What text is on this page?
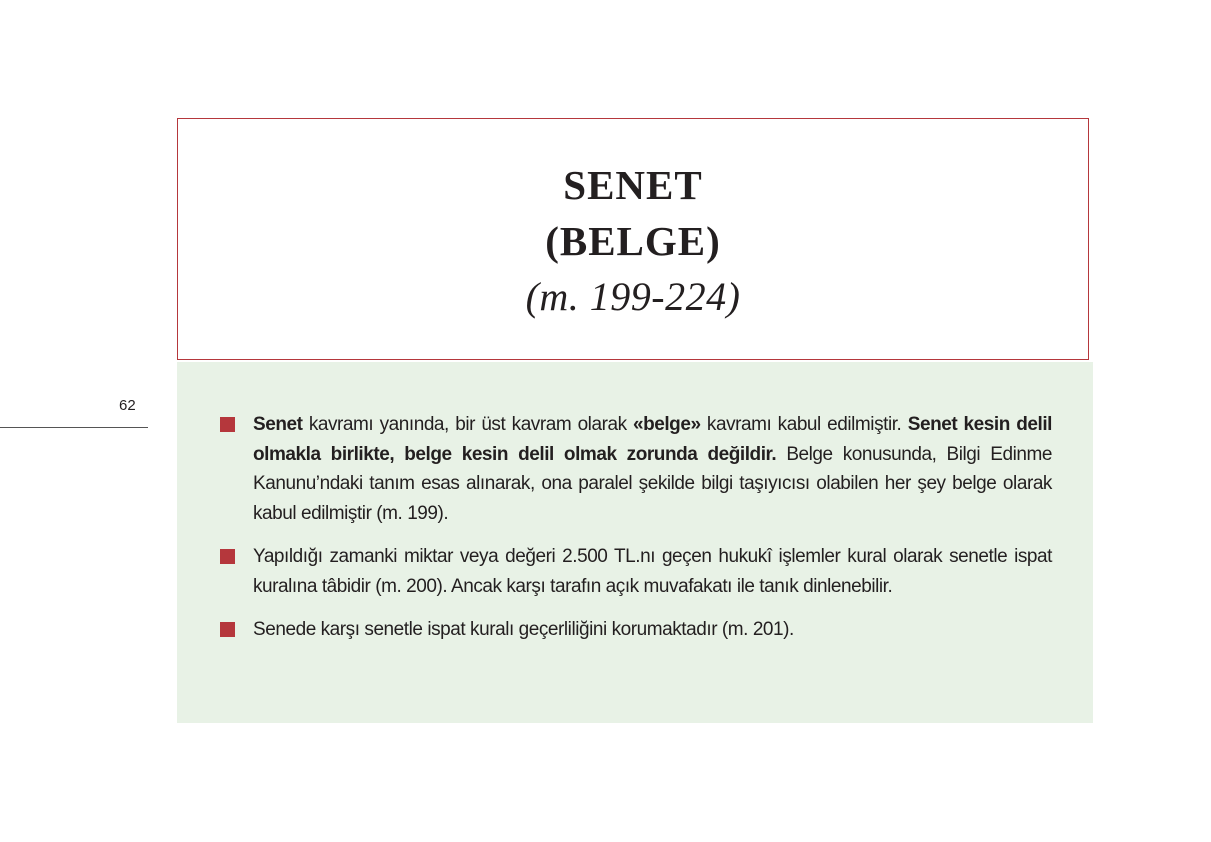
SENET
(BELGE)
(m. 199-224)
62
Senet kavramı yanında, bir üst kavram olarak «belge» kavramı kabul edilmiştir. Senet kesin delil olmakla birlikte, belge kesin delil olmak zorunda değildir. Belge konusunda, Bilgi Edinme Kanunu’ndaki tanım esas alınarak, ona paralel şekilde bilgi taşıyıcısı olabilen her şey belge olarak kabul edilmiştir (m. 199).
Yapıldığı zamanki miktar veya değeri 2.500 TL.nı geçen hukukî işlemler kural olarak senetle ispat kuralına tâbidir (m. 200). Ancak karşı tarafın açık muvafakatı ile tanık dinlenebilir.
Senede karşı senetle ispat kuralı geçerliliğini korumaktadır (m. 201).
